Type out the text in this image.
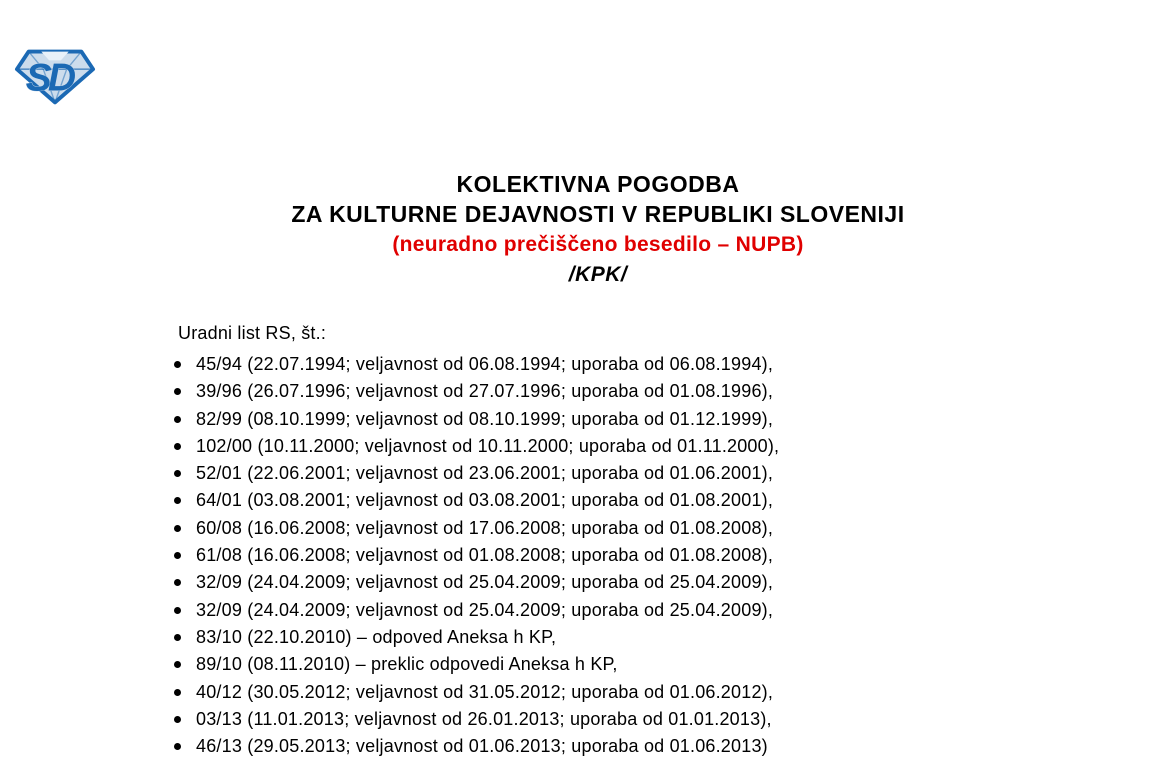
SD
KOLEKTIVNA POGODBA
ZA KULTURNE DEJAVNOSTI V REPUBLIKI SLOVENIJI
(neuradno prečiščeno besedilo – NUPB)
/KPK/
Uradni list RS, št.:
45/94 (22.07.1994; veljavnost od 06.08.1994; uporaba od 06.08.1994),
39/96 (26.07.1996; veljavnost od 27.07.1996; uporaba od 01.08.1996),
82/99 (08.10.1999; veljavnost od 08.10.1999; uporaba od 01.12.1999),
102/00 (10.11.2000; veljavnost od 10.11.2000; uporaba od 01.11.2000),
52/01 (22.06.2001; veljavnost od 23.06.2001; uporaba od 01.06.2001),
64/01 (03.08.2001; veljavnost od 03.08.2001; uporaba od 01.08.2001),
60/08 (16.06.2008; veljavnost od 17.06.2008; uporaba od 01.08.2008),
61/08 (16.06.2008; veljavnost od 01.08.2008; uporaba od 01.08.2008),
32/09 (24.04.2009; veljavnost od 25.04.2009; uporaba od 25.04.2009),
32/09 (24.04.2009; veljavnost od 25.04.2009; uporaba od 25.04.2009),
83/10 (22.10.2010) – odpoved Aneksa h KP,
89/10 (08.11.2010) – preklic odpovedi Aneksa h KP,
40/12 (30.05.2012; veljavnost od 31.05.2012; uporaba od 01.06.2012),
03/13 (11.01.2013; veljavnost od 26.01.2013; uporaba od 01.01.2013),
46/13 (29.05.2013; veljavnost od 01.06.2013; uporaba od 01.06.2013)
